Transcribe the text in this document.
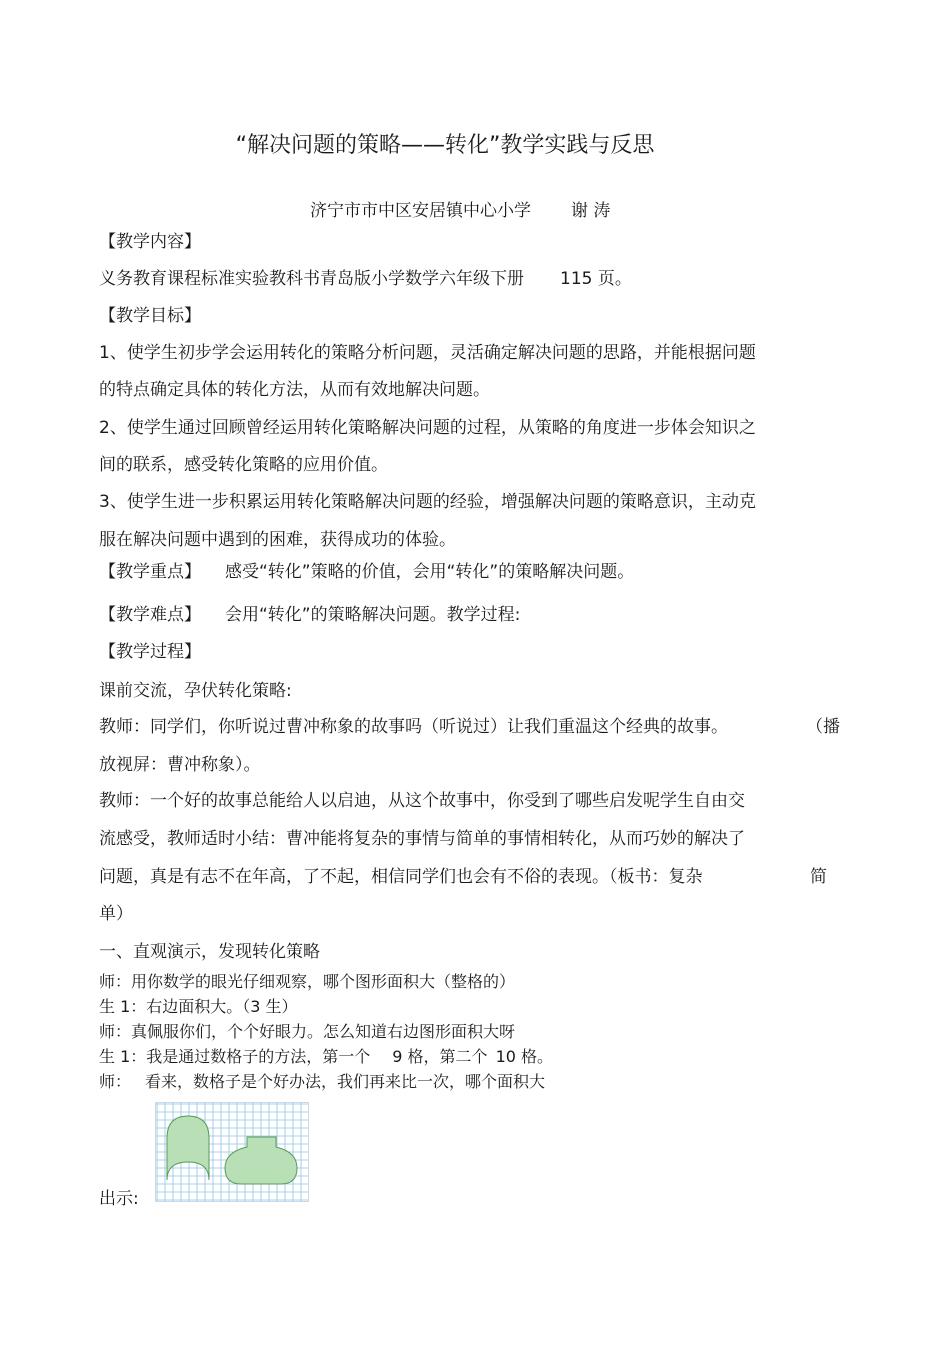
“解决问题的策略——转化”教学实践与反思
济宁市市中区安居镇中心小学 谢 涛
【教学内容】
义务教育课程标准实验教科书青岛版小学数学六年级下册 115 页。
【教学目标】
1、使学生初步学会运用转化的策略分析问题，灵活确定解决问题的思路，并能根据问题
的特点确定具体的转化方法，从而有效地解决问题。
2、使学生通过回顾曾经运用转化策略解决问题的过程，从策略的角度进一步体会知识之
间的联系，感受转化策略的应用价值。
3、使学生进一步积累运用转化策略解决问题的经验，增强解决问题的策略意识，主动克
服在解决问题中遇到的困难，获得成功的体验。
【教学重点】 感受“转化”策略的价值，会用“转化”的策略解决问题。
【教学难点】 会用“转化”的策略解决问题。教学过程:
【教学过程】
课前交流，孕伏转化策略:
教师：同学们，你听说过曹冲称象的故事吗（听说过）让我们重温这个经典的故事。	（播
放视屏：曹冲称象）。
教师：一个好的故事总能给人以启迪，从这个故事中，你受到了哪些启发呢学生自由交
流感受，教师适时小结：曹冲能将复杂的事情与简单的事情相转化，从而巧妙的解决了
问题，真是有志不在年高，了不起，相信同学们也会有不俗的表现。（板书：复杂	简
单）
一、直观演示，发现转化策略
师：用你数学的眼光仔细观察，哪个图形面积大（整格的）
生 1：右边面积大。（3 生）
师：真佩服你们，个个好眼力。怎么知道右边图形面积大呀
生 1：我是通过数格子的方法，第一个 9 格，第二个 10 格。
师： 看来，数格子是个好办法，我们再来比一次，哪个面积大
出示:
